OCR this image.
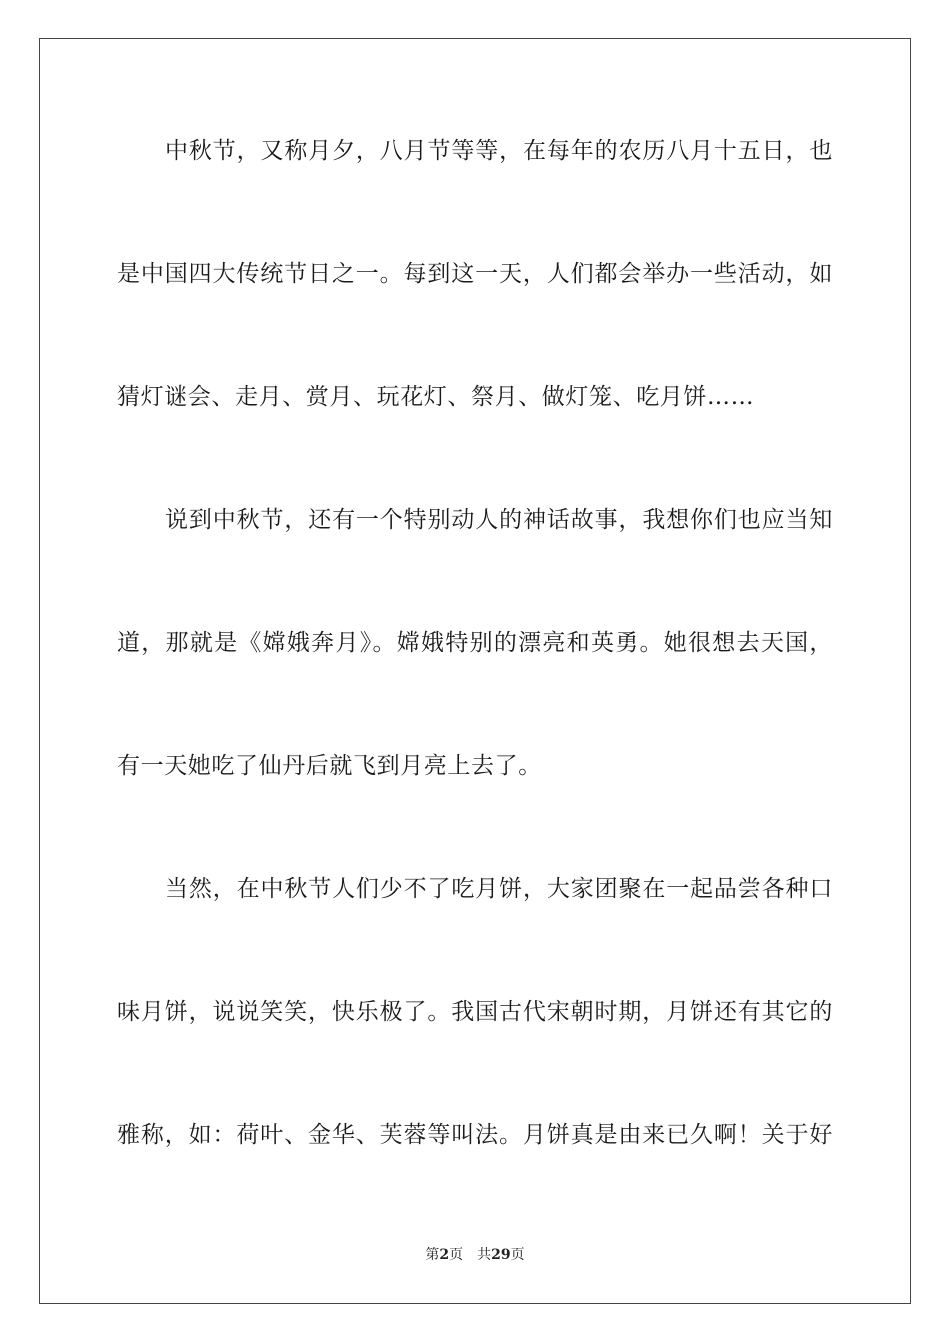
中秋节，又称月夕，八月节等等，在每年的农历八月十五日，也
是中国四大传统节日之一。每到这一天，人们都会举办一些活动，如
猜灯谜会、走月、赏月、玩花灯、祭月、做灯笼、吃月饼……
说到中秋节，还有一个特别动人的神话故事，我想你们也应当知
道，那就是《嫦娥奔月》。嫦娥特别的漂亮和英勇。她很想去天国，
有一天她吃了仙丹后就飞到月亮上去了。
当然，在中秋节人们少不了吃月饼，大家团聚在一起品尝各种口
味月饼，说说笑笑，快乐极了。我国古代宋朝时期，月饼还有其它的
雅称，如：荷叶、金华、芙蓉等叫法。月饼真是由来已久啊！关于好
第2页 共29页
